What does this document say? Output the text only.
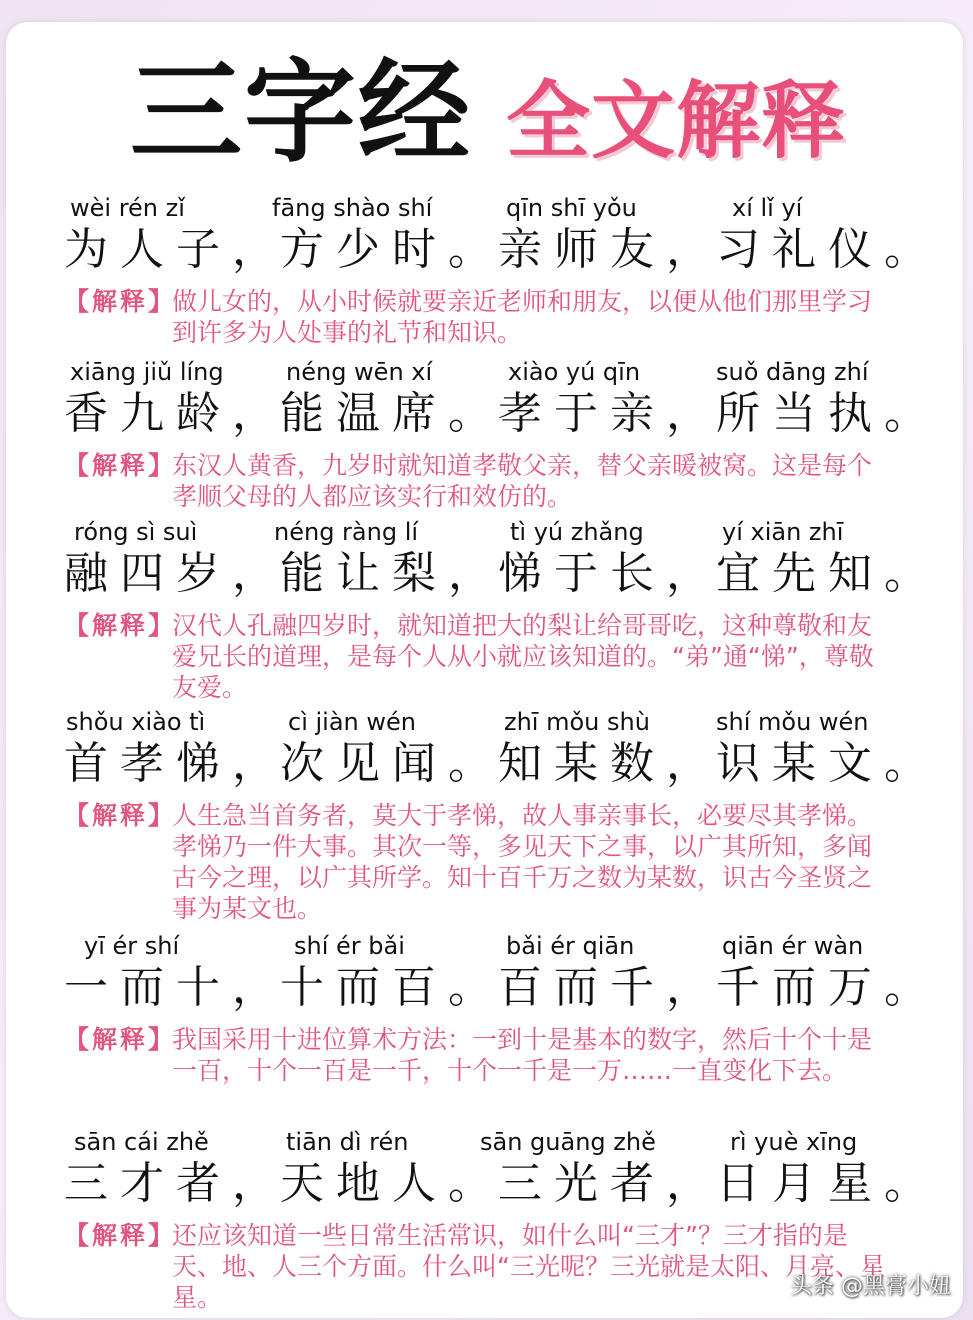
三字经 全文解释
wèi rén zǐ	fāng shào shí	qīn shī yǒu	xí lǐ yí
为人子，
方少时。
亲师友，
习礼仪。
【解释】
做儿女的，从小时候就要亲近老师和朋友，以便从他们那里学习到许多为人处事的礼节和知识。
xiāng jiǔ líng	néng wēn xí	xiào yú qīn	suǒ dāng zhí
香九龄，
能温席。
孝于亲，
所当执。
【解释】
东汉人黄香，九岁时就知道孝敬父亲，替父亲暖被窝。这是每个孝顺父母的人都应该实行和效仿的。
róng sì suì	néng ràng lí	tì yú zhǎng	yí xiān zhī
融四岁，
能让梨，
悌于长，
宜先知。
【解释】
汉代人孔融四岁时，就知道把大的梨让给哥哥吃，这种尊敬和友爱兄长的道理，是每个人从小就应该知道的。“弟”通“悌”，尊敬友爱。
shǒu xiào tì	cì jiàn wén	zhī mǒu shù	shí mǒu wén
首孝悌，
次见闻。
知某数，
识某文。
【解释】
人生急当首务者，莫大于孝悌，故人事亲事长，必要尽其孝悌。孝悌乃一件大事。其次一等，多见天下之事，以广其所知，多闻古今之理，以广其所学。知十百千万之数为某数，识古今圣贤之事为某文也。
yī ér shí	shí ér bǎi	bǎi ér qiān	qiān ér wàn
一而十，
十而百。
百而千，
千而万。
【解释】
我国采用十进位算术方法：一到十是基本的数字，然后十个十是一百，十个一百是一千，十个一千是一万……一直变化下去。
sān cái zhě	tiān dì rén	sān guāng zhě	rì yuè xīng
三才者，
天地人。
三光者，
日月星。
【解释】
还应该知道一些日常生活常识，如什么叫“三才”？三才指的是天、地、人三个方面。什么叫“三光呢？三光就是太阳、月亮、星星。	头条 @黑膏小妞
